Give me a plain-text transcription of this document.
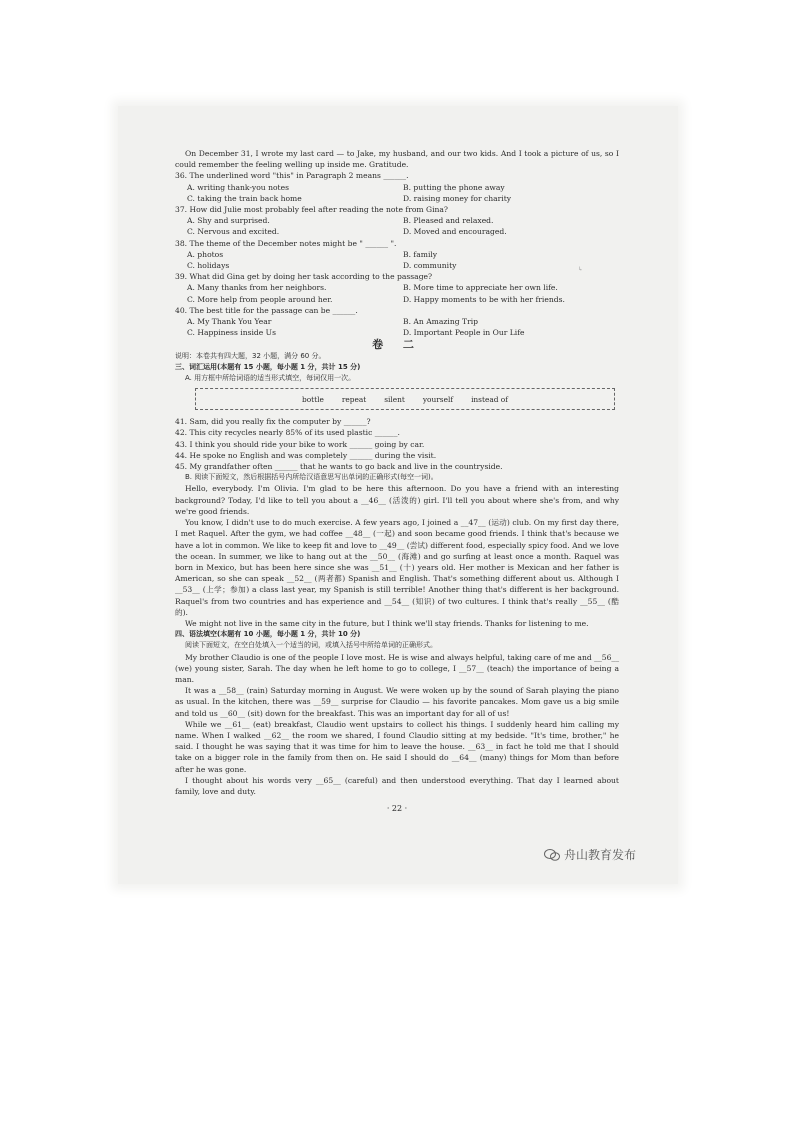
↳

On December 31, I wrote my last card — to Jake, my husband, and our two kids. And I took a picture of us, so I could remember the feeling welling up inside me. Gratitude.

36. The underlined word "this" in Paragraph 2 means ______.

A. writing thank-you notes	B. putting the phone away
C. taking the train back home	D. raising money for charity

37. How did Julie most probably feel after reading the note from Gina?

A. Shy and surprised.	B. Pleased and relaxed.
C. Nervous and excited.	D. Moved and encouraged.

38. The theme of the December notes might be " ______ ".

A. photos	B. family
C. holidays	D. community

39. What did Gina get by doing her task according to the passage?

A. Many thanks from her neighbors.	B. More time to appreciate her own life.
C. More help from people around her.	D. Happy moments to be with her friends.

40. The best title for the passage can be ______.

A. My Thank You Year	B. An Amazing Trip
C. Happiness inside Us	D. Important People in Our Life
卷 二

说明：本卷共有四大题，32 小题，满分 60 分。

三、词汇运用(本题有 15 小题，每小题 1 分，共计 15 分)

A. 用方框中所给词语的适当形式填空，每词仅用一次。

bottle repeat silent yourself instead of

41. Sam, did you really fix the computer by ______?

42. This city recycles nearly 85% of its used plastic ______.

43. I think you should ride your bike to work ______ going by car.

44. He spoke no English and was completely ______ during the visit.

45. My grandfather often ______ that he wants to go back and live in the countryside.

B. 阅读下面短文，然后根据括号内所给汉语意思写出单词的正确形式(每空一词)。

Hello, everybody. I'm Olivia. I'm glad to be here this afternoon. Do you have a friend with an interesting background? Today, I'd like to tell you about a __46__ (活泼的) girl. I'll tell you about where she's from, and why we're good friends.

You know, I didn't use to do much exercise. A few years ago, I joined a __47__ (运动) club. On my first day there, I met Raquel. After the gym, we had coffee __48__ (一起) and soon became good friends. I think that's because we have a lot in common. We like to keep fit and love to __49__ (尝试) different food, especially spicy food. And we love the ocean. In summer, we like to hang out at the __50__ (海滩) and go surfing at least once a month. Raquel was born in Mexico, but has been here since she was __51__ (十) years old. Her mother is Mexican and her father is American, so she can speak __52__ (两者都) Spanish and English. That's something different about us. Although I __53__ (上学；参加) a class last year, my Spanish is still terrible! Another thing that's different is her background. Raquel's from two countries and has experience and __54__ (知识) of two cultures. I think that's really __55__ (酷的).

We might not live in the same city in the future, but I think we'll stay friends. Thanks for listening to me.

四、语法填空(本题有 10 小题，每小题 1 分，共计 10 分)

阅读下面短文，在空白处填入一个适当的词，或填入括号中所给单词的正确形式。

My brother Claudio is one of the people I love most. He is wise and always helpful, taking care of me and __56__ (we) young sister, Sarah. The day when he left home to go to college, I __57__ (teach) the importance of being a man.

It was a __58__ (rain) Saturday morning in August. We were woken up by the sound of Sarah playing the piano as usual. In the kitchen, there was __59__ surprise for Claudio — his favorite pancakes. Mom gave us a big smile and told us __60__ (sit) down for the breakfast. This was an important day for all of us!

While we __61__ (eat) breakfast, Claudio went upstairs to collect his things. I suddenly heard him calling my name. When I walked __62__ the room we shared, I found Claudio sitting at my bedside. "It's time, brother," he said. I thought he was saying that it was time for him to leave the house. __63__ in fact he told me that I should take on a bigger role in the family from then on. He said I should do __64__ (many) things for Mom than before after he was gone.

I thought about his words very __65__ (careful) and then understood everything. That day I learned about family, love and duty.

· 22 ·
舟山教育发布
